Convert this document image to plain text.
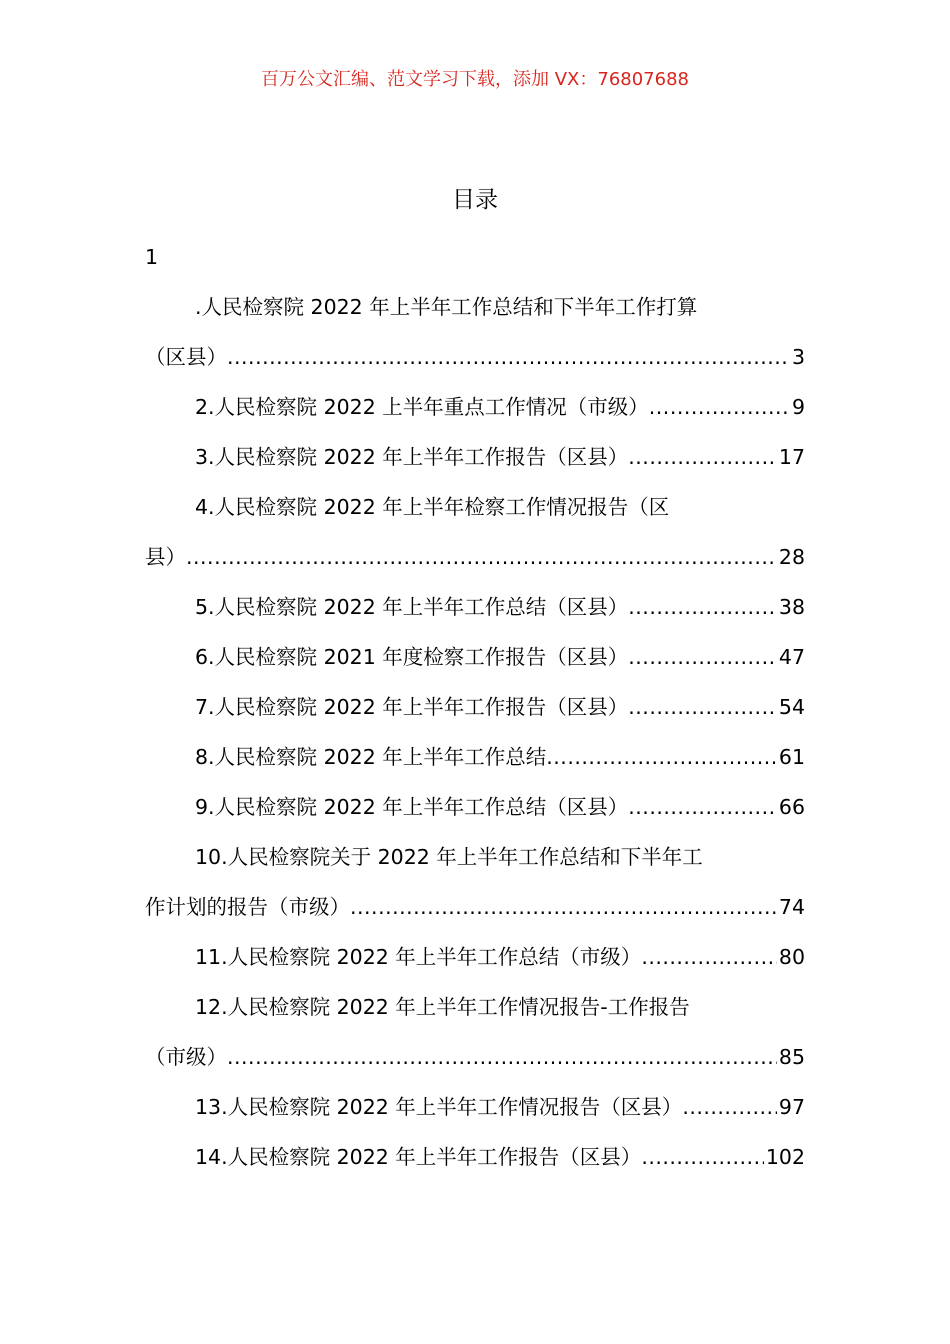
百万公文汇编、范文学习下载，添加 VX：76807688
目录
1
.人民检察院 2022 年上半年工作总结和下半年工作打算
（区县） .....	3
2.人民检察院 2022 上半年重点工作情况（市级） .....	9
3.人民检察院 2022 年上半年工作报告（区县） .....	17
4.人民检察院 2022 年上半年检察工作情况报告（区
县） .....	28
5.人民检察院 2022 年上半年工作总结（区县） .....	38
6.人民检察院 2021 年度检察工作报告（区县） .....	47
7.人民检察院 2022 年上半年工作报告（区县） .....	54
8.人民检察院 2022 年上半年工作总结 .....	61
9.人民检察院 2022 年上半年工作总结（区县） .....	66
10.人民检察院关于 2022 年上半年工作总结和下半年工
作计划的报告（市级） .....	74
11.人民检察院 2022 年上半年工作总结（市级） .....	80
12.人民检察院 2022 年上半年工作情况报告-工作报告
（市级） .....	85
13.人民检察院 2022 年上半年工作情况报告（区县） .....	97
14.人民检察院 2022 年上半年工作报告（区县） .....	102
